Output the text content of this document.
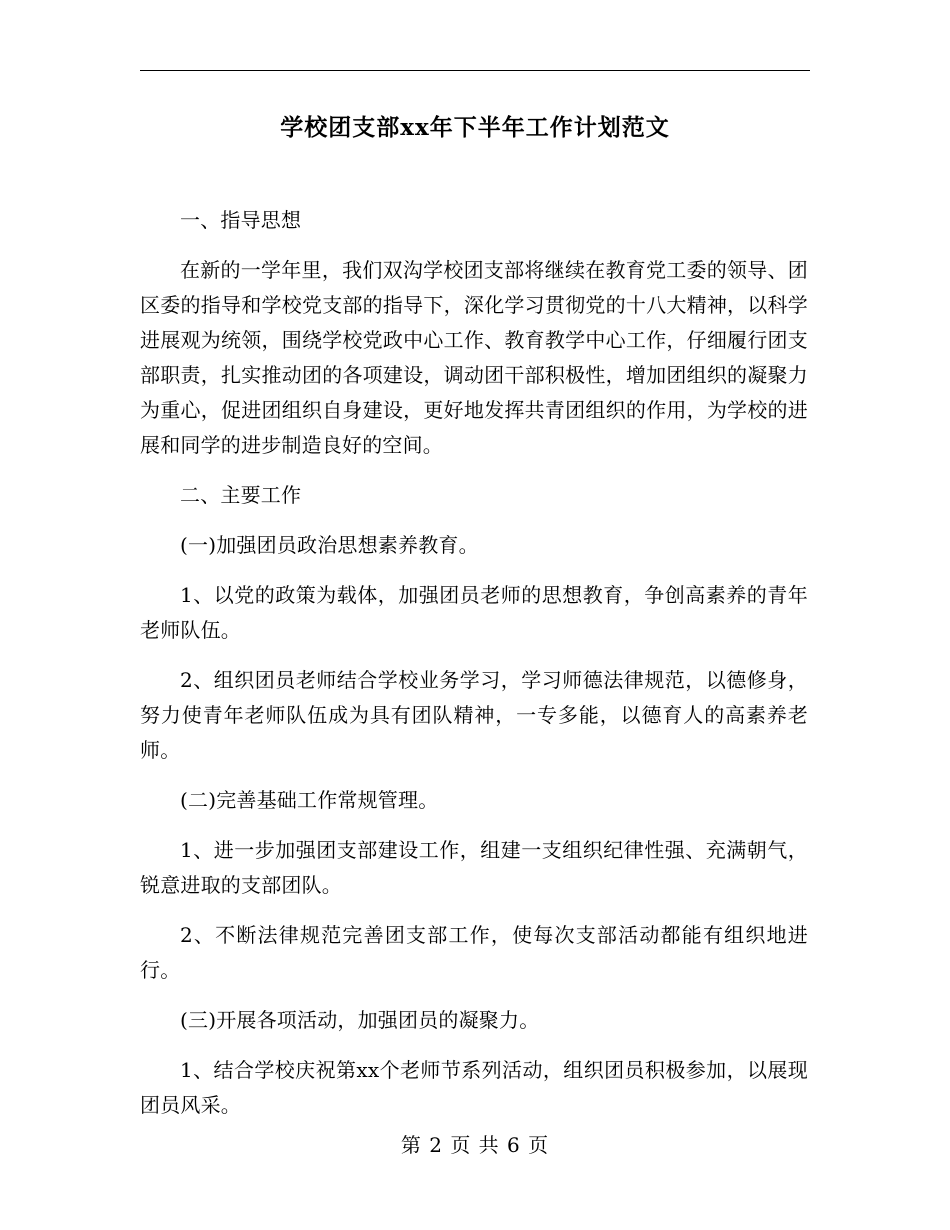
学校团支部xx年下半年工作计划范文

一、指导思想

在新的一学年里，我们双沟学校团支部将继续在教育党工委的领导、团区委的指导和学校党支部的指导下，深化学习贯彻党的十八大精神，以科学进展观为统领，围绕学校党政中心工作、教育教学中心工作，仔细履行团支部职责，扎实推动团的各项建设，调动团干部积极性，增加团组织的凝聚力为重心，促进团组织自身建设，更好地发挥共青团组织的作用，为学校的进展和同学的进步制造良好的空间。

二、主要工作

(一)加强团员政治思想素养教育。

1、以党的政策为载体，加强团员老师的思想教育，争创高素养的青年老师队伍。

2、组织团员老师结合学校业务学习，学习师德法律规范，以德修身，努力使青年老师队伍成为具有团队精神，一专多能，以德育人的高素养老师。

(二)完善基础工作常规管理。

1、进一步加强团支部建设工作，组建一支组织纪律性强、充满朝气，锐意进取的支部团队。

2、不断法律规范完善团支部工作，使每次支部活动都能有组织地进行。

(三)开展各项活动，加强团员的凝聚力。

1、结合学校庆祝第xx个老师节系列活动，组织团员积极参加，以展现团员风采。

第 2 页 共 6 页
